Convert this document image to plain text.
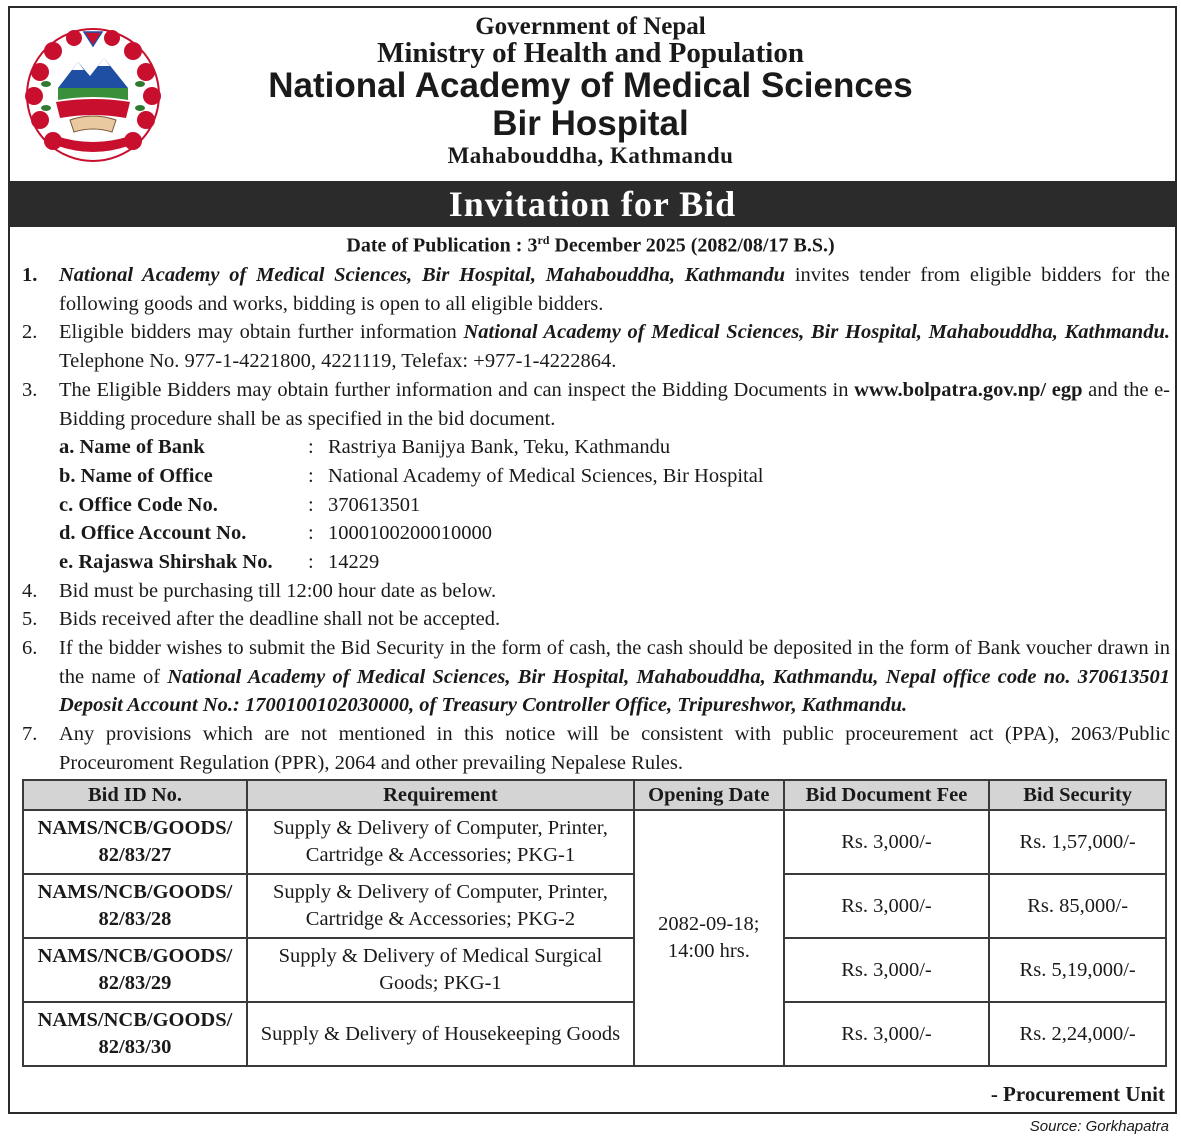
Government of Nepal
Ministry of Health and Population
National Academy of Medical Sciences
Bir Hospital
Mahabouddha, Kathmandu
Invitation for Bid
Date of Publication : 3rd December 2025 (2082/08/17 B.S.)
1. National Academy of Medical Sciences, Bir Hospital, Mahabouddha, Kathmandu invites tender from eligible bidders for the following goods and works, bidding is open to all eligible bidders.
2. Eligible bidders may obtain further information National Academy of Medical Sciences, Bir Hospital, Mahabouddha, Kathmandu. Telephone No. 977-1-4221800, 4221119, Telefax: +977-1-4222864.
3. The Eligible Bidders may obtain further information and can inspect the Bidding Documents in www.bolpatra.gov.np/ egp and the e-Bidding procedure shall be as specified in the bid document.
a. Name of Bank	: Rastriya Banijya Bank, Teku, Kathmandu
b. Name of Office	: National Academy of Medical Sciences, Bir Hospital
c. Office Code No.	: 370613501
d. Office Account No.	: 1000100200010000
e. Rajaswa Shirshak No. : 14229
4. Bid must be purchasing till 12:00 hour date as below.
5. Bids received after the deadline shall not be accepted.
6. If the bidder wishes to submit the Bid Security in the form of cash, the cash should be deposited in the form of Bank voucher drawn in the name of National Academy of Medical Sciences, Bir Hospital, Mahabouddha, Kathmandu, Nepal office code no. 370613501 Deposit Account No.: 1700100102030000, of Treasury Controller Office, Tripureshwor, Kathmandu.
7. Any provisions which are not mentioned in this notice will be consistent with public proceurement act (PPA), 2063/Public Proceuroment Regulation (PPR), 2064 and other prevailing Nepalese Rules.
Bid ID No.	Requirement	Opening Date	Bid Document Fee	Bid Security
NAMS/NCB/GOODS/ 82/83/27	Supply & Delivery of Computer, Printer, Cartridge & Accessories; PKG-1	2082-09-18; 14:00 hrs.	Rs. 3,000/-	Rs. 1,57,000/-
NAMS/NCB/GOODS/ 82/83/28	Supply & Delivery of Computer, Printer, Cartridge & Accessories; PKG-2		Rs. 3,000/-	Rs. 85,000/-
NAMS/NCB/GOODS/ 82/83/29	Supply & Delivery of Medical Surgical Goods; PKG-1		Rs. 3,000/-	Rs. 5,19,000/-
NAMS/NCB/GOODS/ 82/83/30	Supply & Delivery of Housekeeping Goods		Rs. 3,000/-	Rs. 2,24,000/-
- Procurement Unit
Source: Gorkhapatra
